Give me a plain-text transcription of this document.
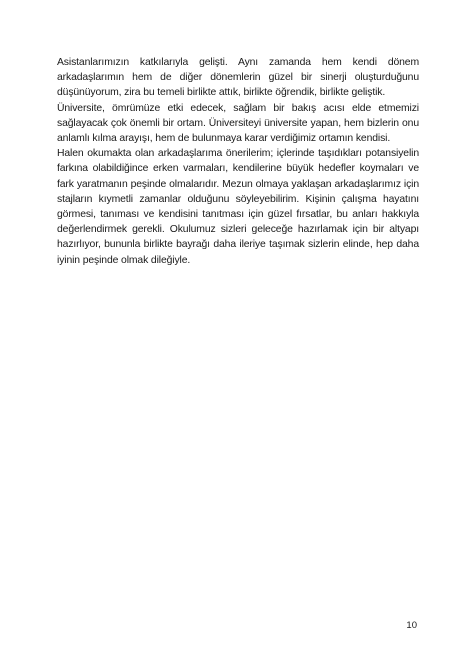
Asistanlarımızın katkılarıyla gelişti. Aynı zamanda hem kendi dönem arkadaşlarımın hem de diğer dönemlerin güzel bir sinerji oluşturduğunu düşünüyorum, zira bu temeli birlikte attık, birlikte öğrendik, birlikte geliştik.

Üniversite, ömrümüze etki edecek, sağlam bir bakış acısı elde etmemizi sağlayacak çok önemli bir ortam. Üniversiteyi üniversite yapan, hem bizlerin onu anlamlı kılma arayışı, hem de bulunmaya karar verdiğimiz ortamın kendisi.

Halen okumakta olan arkadaşlarıma önerilerim; içlerinde taşıdıkları potansiyelin farkına olabildiğince erken varmaları, kendilerine büyük hedefler koymaları ve fark yaratmanın peşinde olmalarıdır. Mezun olmaya yaklaşan arkadaşlarımız için stajların kıymetli zamanlar olduğunu söyleyebilirim. Kişinin çalışma hayatını görmesi, tanıması ve kendisini tanıtması için güzel fırsatlar, bu anları hakkıyla değerlendirmek gerekli. Okulumuz sizleri geleceğe hazırlamak için bir altyapı hazırlıyor, bununla birlikte bayrağı daha ileriye taşımak sizlerin elinde, hep daha iyinin peşinde olmak dileğiyle.

10
